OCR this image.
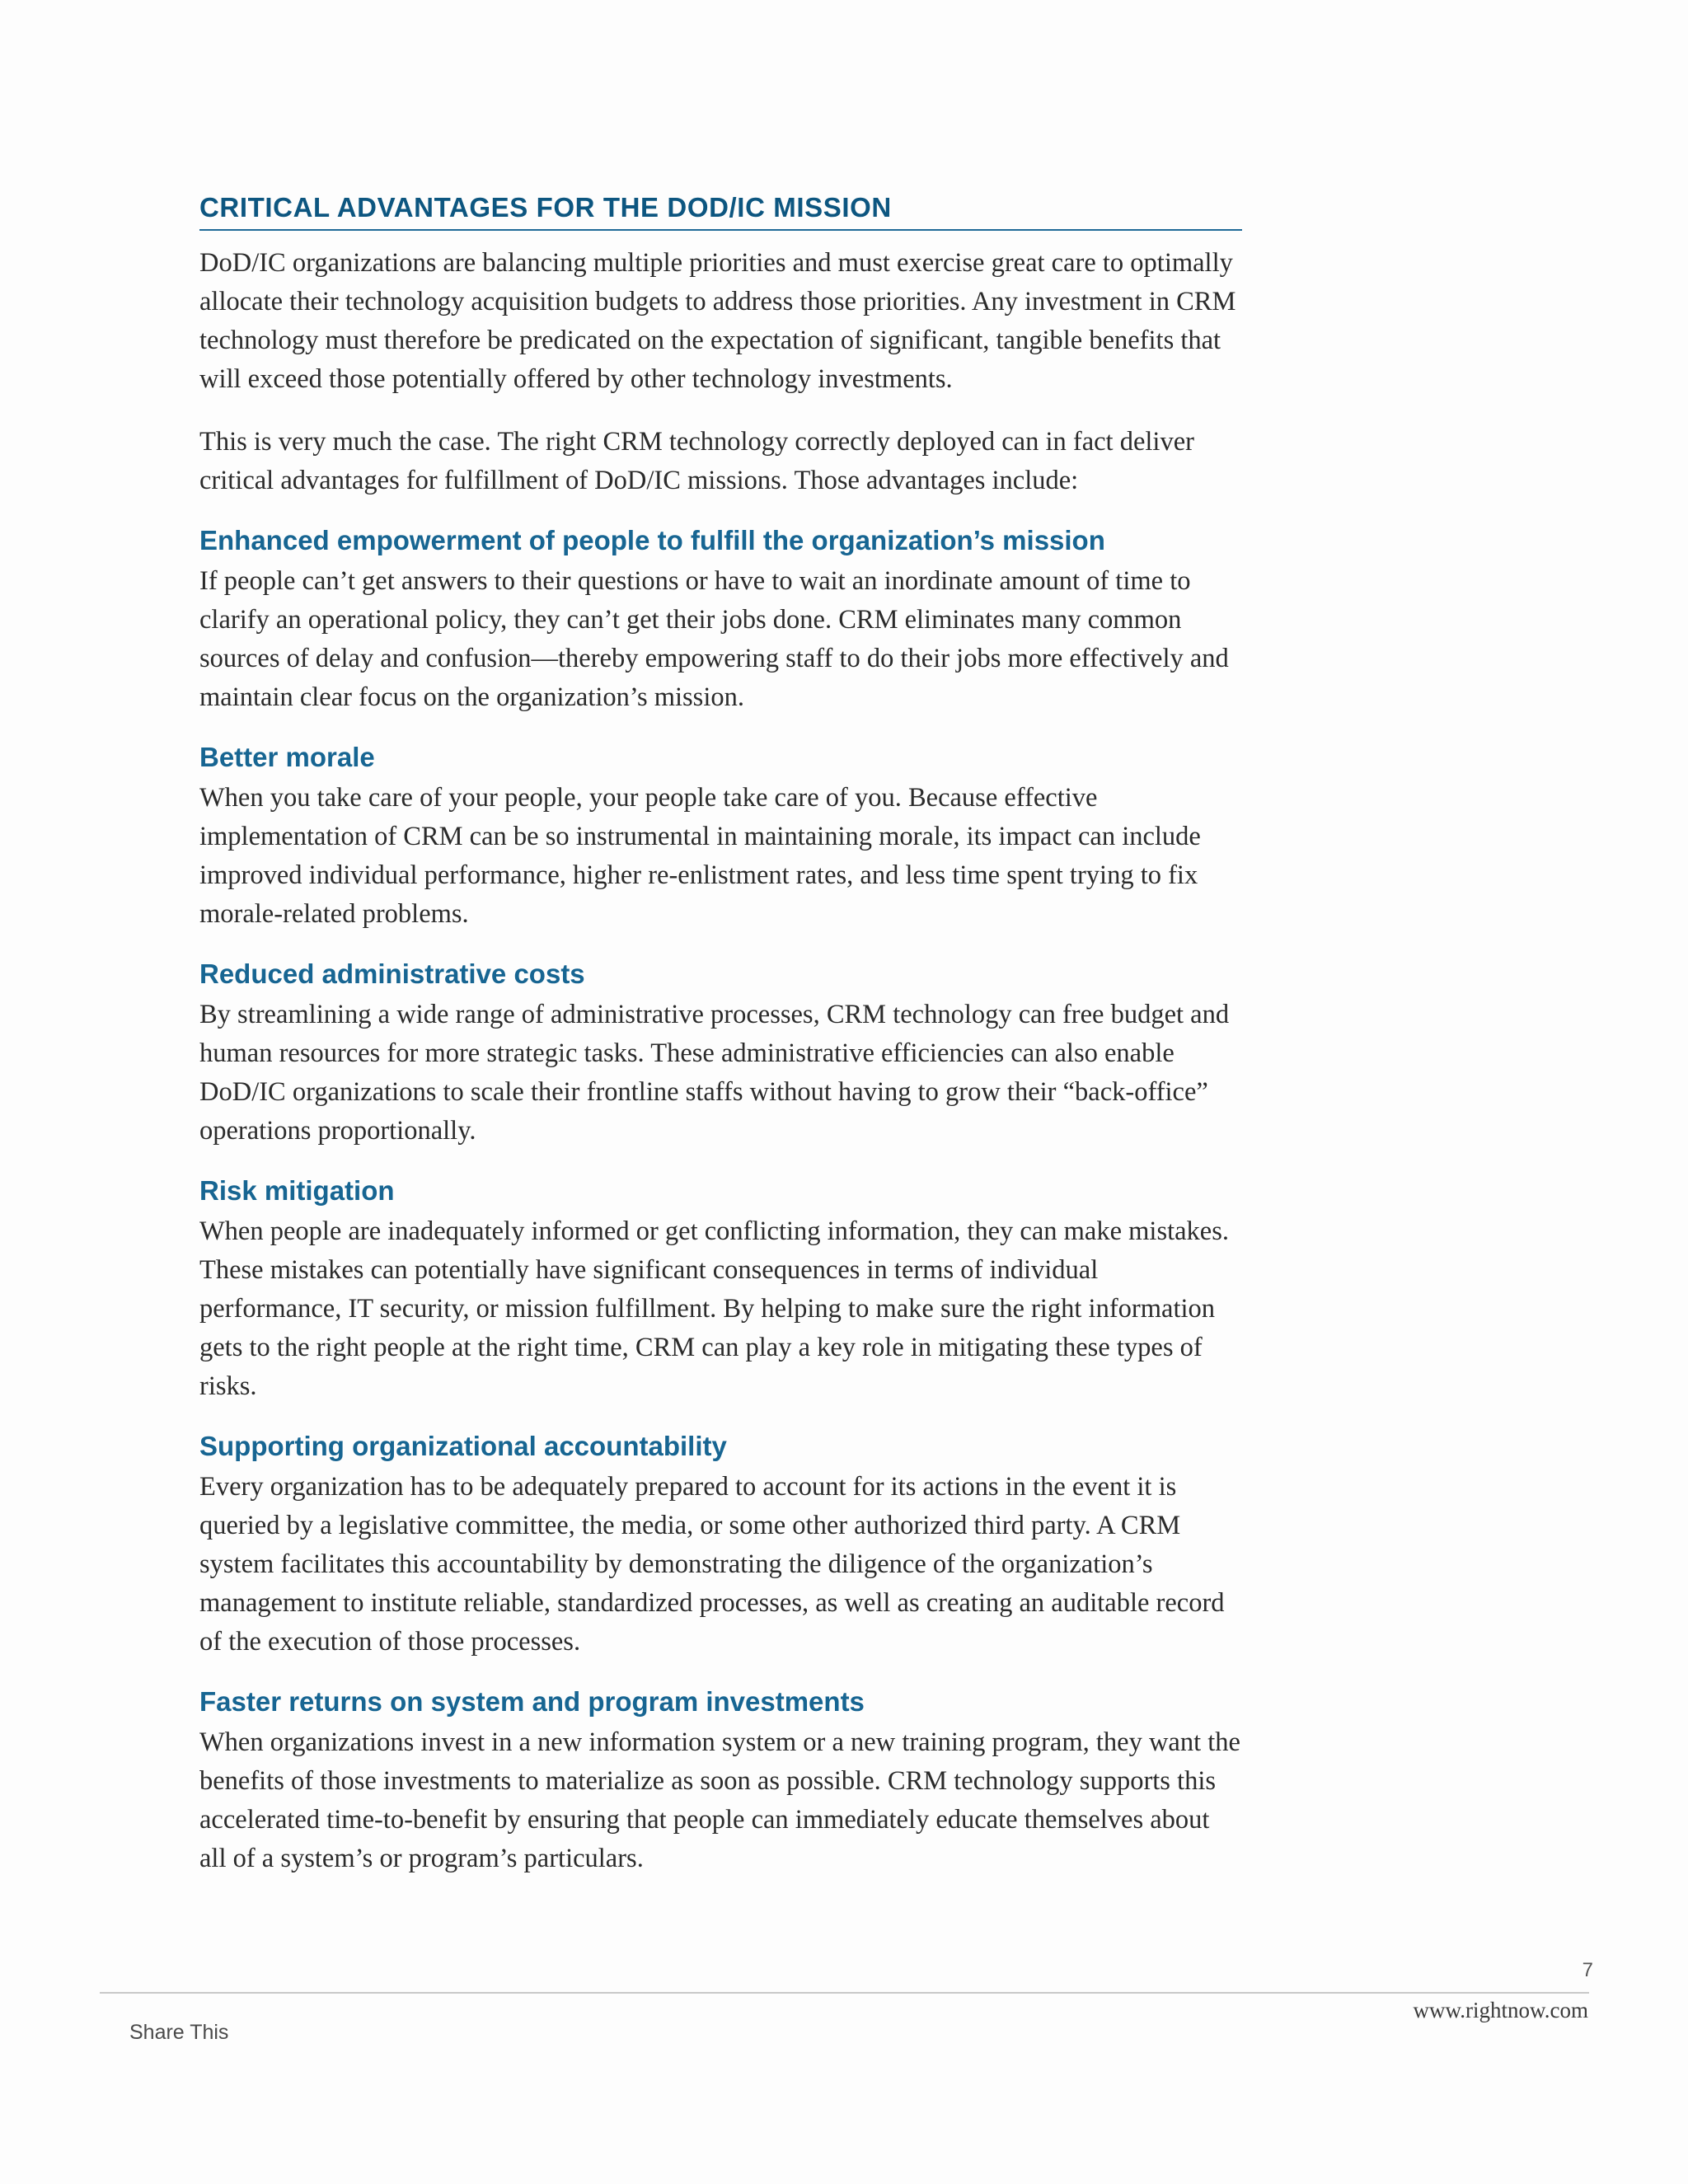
CRITICAL ADVANTAGES FOR THE DOD/IC MISSION

DoD/IC organizations are balancing multiple priorities and must exercise great care to optimally allocate their technology acquisition budgets to address those priorities. Any investment in CRM technology must therefore be predicated on the expectation of significant, tangible benefits that will exceed those potentially offered by other technology investments.

This is very much the case. The right CRM technology correctly deployed can in fact deliver critical advantages for fulfillment of DoD/IC missions. Those advantages include:

Enhanced empowerment of people to fulfill the organization’s mission

If people can’t get answers to their questions or have to wait an inordinate amount of time to clarify an operational policy, they can’t get their jobs done. CRM eliminates many common sources of delay and confusion—thereby empowering staff to do their jobs more effectively and maintain clear focus on the organization’s mission.

Better morale

When you take care of your people, your people take care of you. Because effective implementation of CRM can be so instrumental in maintaining morale, its impact can include improved individual performance, higher re-enlistment rates, and less time spent trying to fix morale-related problems.

Reduced administrative costs

By streamlining a wide range of administrative processes, CRM technology can free budget and human resources for more strategic tasks. These administrative efficiencies can also enable DoD/IC organizations to scale their frontline staffs without having to grow their “back-office” operations proportionally.

Risk mitigation

When people are inadequately informed or get conflicting information, they can make mistakes. These mistakes can potentially have significant consequences in terms of individual performance, IT security, or mission fulfillment. By helping to make sure the right information gets to the right people at the right time, CRM can play a key role in mitigating these types of risks.

Supporting organizational accountability

Every organization has to be adequately prepared to account for its actions in the event it is queried by a legislative committee, the media, or some other authorized third party. A CRM system facilitates this accountability by demonstrating the diligence of the organization’s management to institute reliable, standardized processes, as well as creating an auditable record of the execution of those processes.

Faster returns on system and program investments

When organizations invest in a new information system or a new training program, they want the benefits of those investments to materialize as soon as possible. CRM technology supports this accelerated time-to-benefit by ensuring that people can immediately educate themselves about all of a system’s or program’s particulars.

7
www.rightnow.com
Share This
